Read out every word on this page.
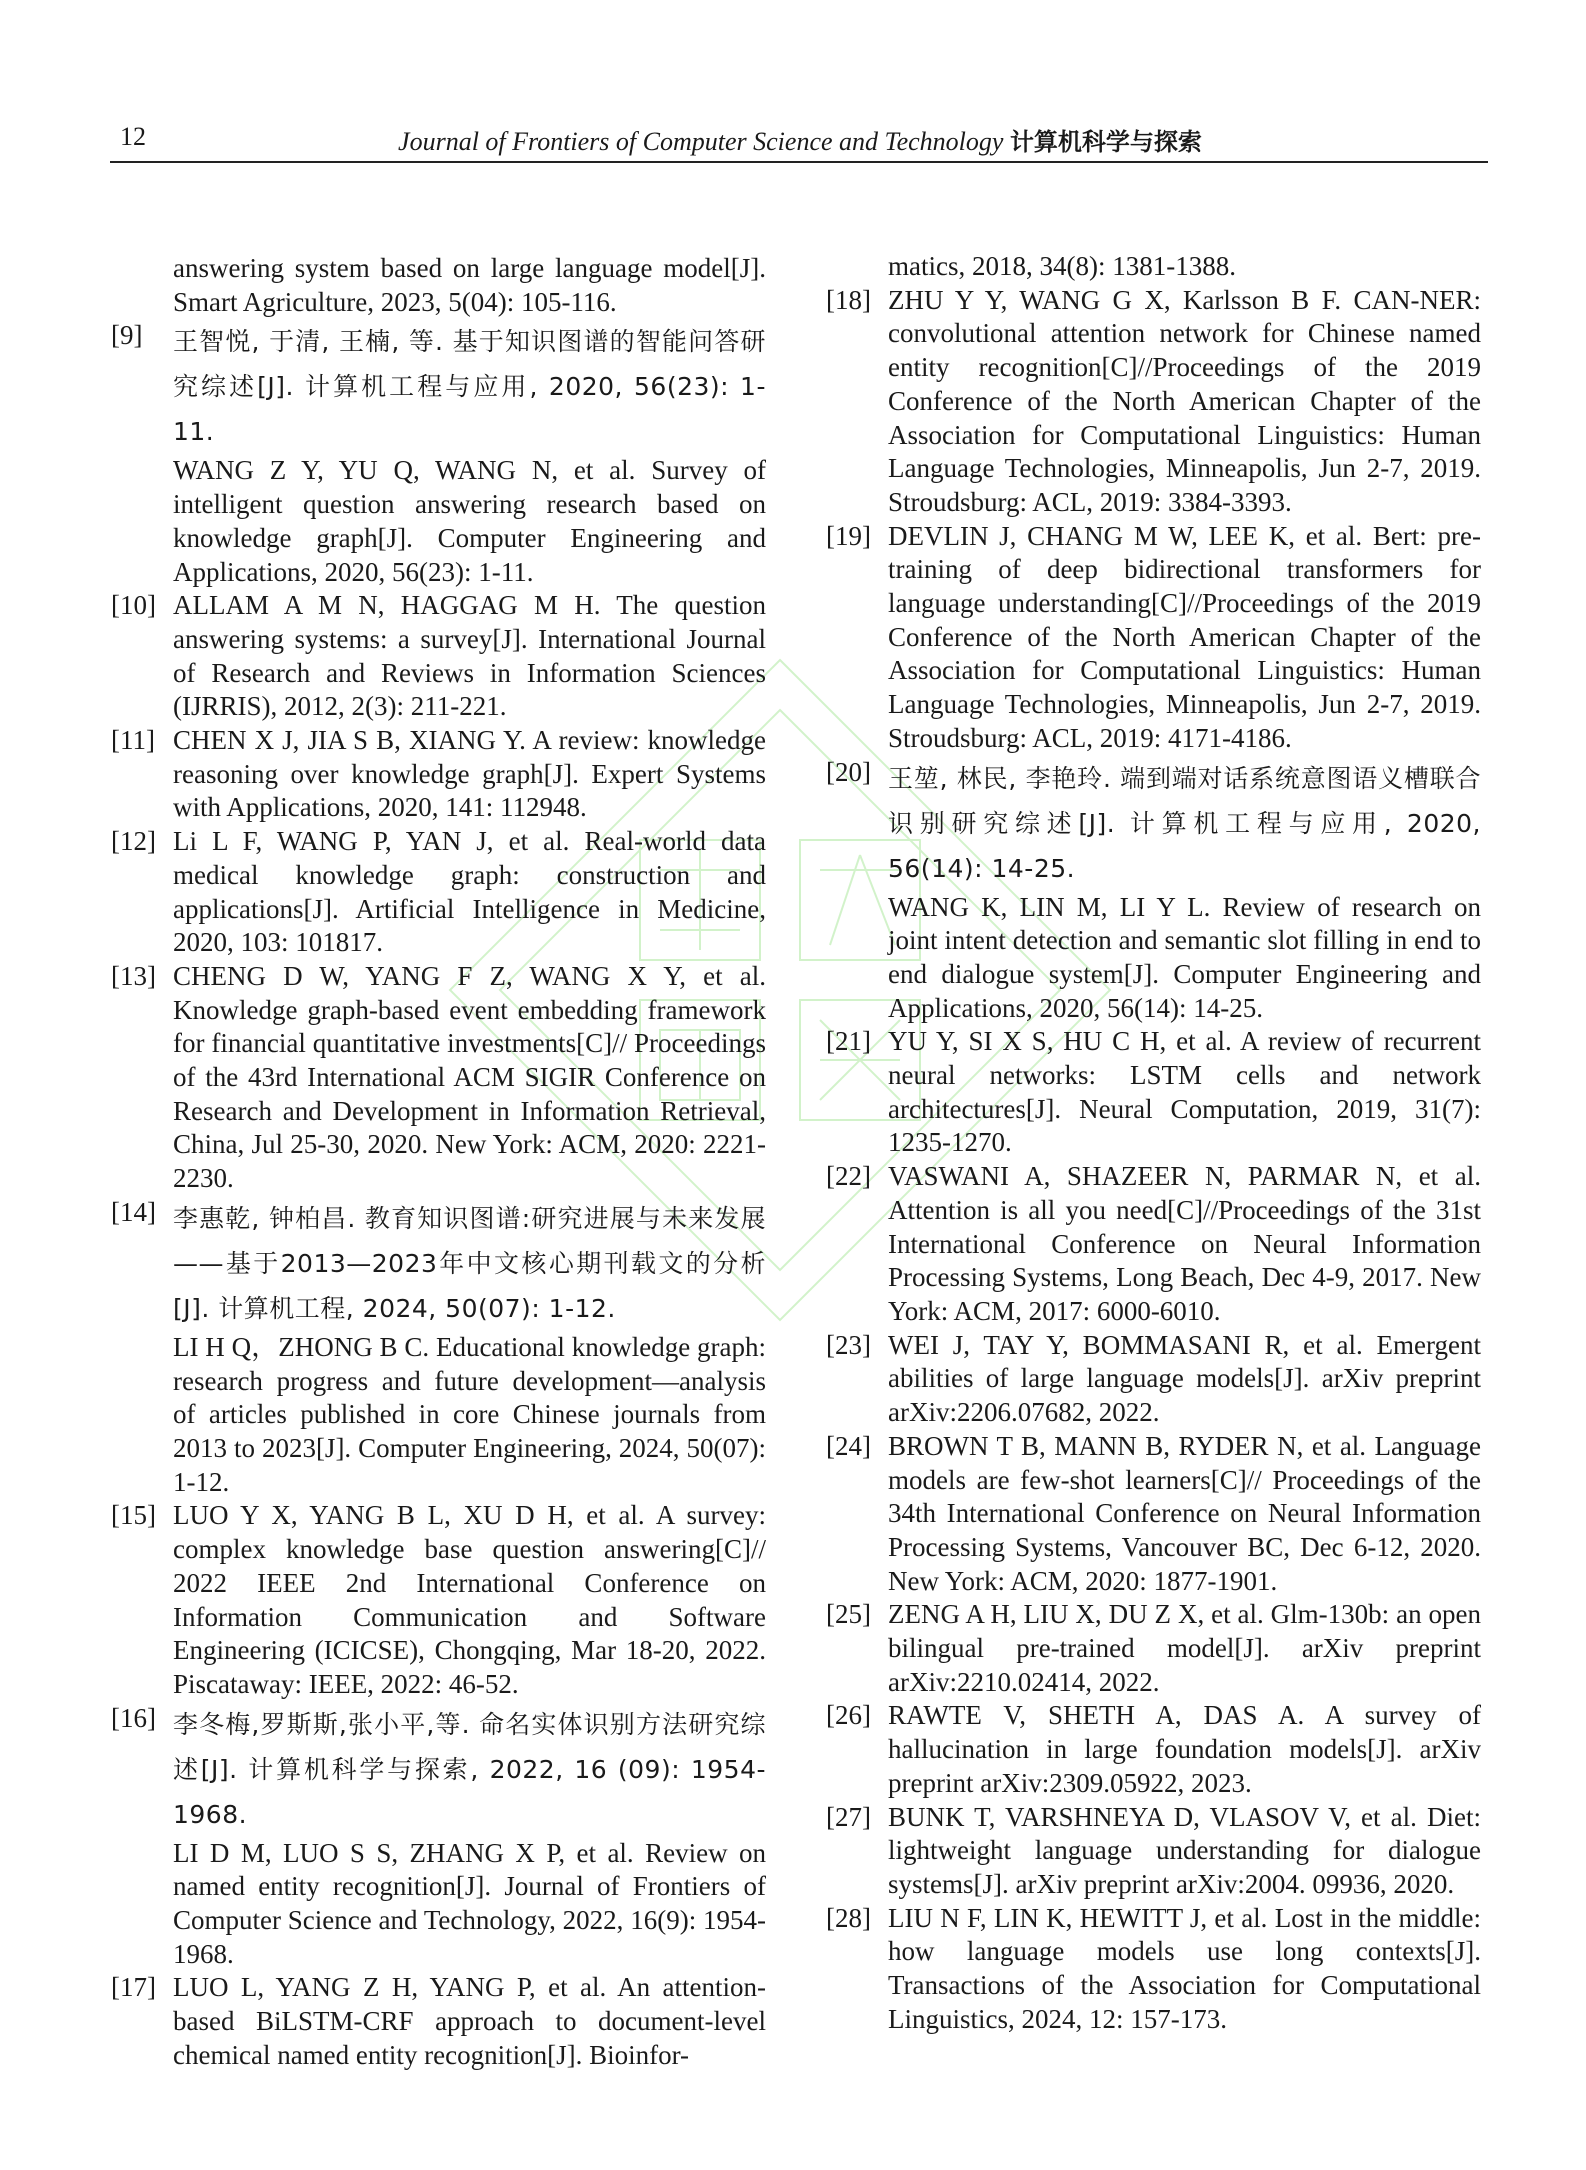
12	Journal of Frontiers of Computer Science and Technology 计算机科学与探索

answering system based on large language model[J]. Smart Agriculture, 2023, 5(04): 105-116.

[9] 王智悦, 于清, 王楠, 等. 基于知识图谱的智能问答研究综述[J]. 计算机工程与应用, 2020, 56(23): 1-11.

WANG Z Y, YU Q, WANG N, et al. Survey of intelligent question answering research based on knowledge graph[J]. Computer Engineering and Applications, 2020, 56(23): 1-11.

[10] ALLAM A M N, HAGGAG M H. The question answering systems: a survey[J]. International Journal of Research and Reviews in Information Sciences (IJRRIS), 2012, 2(3): 211-221.

[11] CHEN X J, JIA S B, XIANG Y. A review: knowledge reasoning over knowledge graph[J]. Expert Systems with Applications, 2020, 141: 112948.

[12] Li L F, WANG P, YAN J, et al. Real-world data medical knowledge graph: construction and applications[J]. Artificial Intelligence in Medicine, 2020, 103: 101817.

[13] CHENG D W, YANG F Z, WANG X Y, et al. Knowledge graph-based event embedding framework for financial quantitative investments[C]// Proceedings of the 43rd International ACM SIGIR Conference on Research and Development in Information Retrieval, China, Jul 25-30, 2020. New York: ACM, 2020: 2221-2230.

[14] 李惠乾, 钟柏昌. 教育知识图谱:研究进展与未来发展——基于2013—2023年中文核心期刊载文的分析[J]. 计算机工程, 2024, 50(07): 1-12.

LI H Q，ZHONG B C. Educational knowledge graph: research progress and future development—analysis of articles published in core Chinese journals from 2013 to 2023[J]. Computer Engineering, 2024, 50(07): 1-12.

[15] LUO Y X, YANG B L, XU D H, et al. A survey: complex knowledge base question answering[C]// 2022 IEEE 2nd International Conference on Information Communication and Software Engineering (ICICSE), Chongqing, Mar 18-20, 2022. Piscataway: IEEE, 2022: 46-52.

[16] 李冬梅,罗斯斯,张小平,等. 命名实体识别方法研究综述[J]. 计算机科学与探索, 2022, 16 (09): 1954-1968.

LI D M, LUO S S, ZHANG X P, et al. Review on named entity recognition[J]. Journal of Frontiers of Computer Science and Technology, 2022, 16(9): 1954-1968.

[17] LUO L, YANG Z H, YANG P, et al. An attention-based BiLSTM-CRF approach to document-level chemical named entity recognition[J]. Bioinfor-

matics, 2018, 34(8): 1381-1388.

[18] ZHU Y Y, WANG G X, Karlsson B F. CAN-NER: convolutional attention network for Chinese named entity recognition[C]//Proceedings of the 2019 Conference of the North American Chapter of the Association for Computational Linguistics: Human Language Technologies, Minneapolis, Jun 2-7, 2019. Stroudsburg: ACL, 2019: 3384-3393.

[19] DEVLIN J, CHANG M W, LEE K, et al. Bert: pre-training of deep bidirectional transformers for language understanding[C]//Proceedings of the 2019 Conference of the North American Chapter of the Association for Computational Linguistics: Human Language Technologies, Minneapolis, Jun 2-7, 2019. Stroudsburg: ACL, 2019: 4171-4186.

[20] 王堃, 林民, 李艳玲. 端到端对话系统意图语义槽联合识别研究综述[J]. 计算机工程与应用, 2020, 56(14): 14-25.

WANG K, LIN M, LI Y L. Review of research on joint intent detection and semantic slot filling in end to end dialogue system[J]. Computer Engineering and Applications, 2020, 56(14): 14-25.

[21] YU Y, SI X S, HU C H, et al. A review of recurrent neural networks: LSTM cells and network architectures[J]. Neural Computation, 2019, 31(7): 1235-1270.

[22] VASWANI A, SHAZEER N, PARMAR N, et al. Attention is all you need[C]//Proceedings of the 31st International Conference on Neural Information Processing Systems, Long Beach, Dec 4-9, 2017. New York: ACM, 2017: 6000-6010.

[23] WEI J, TAY Y, BOMMASANI R, et al. Emergent abilities of large language models[J]. arXiv preprint arXiv:2206.07682, 2022.

[24] BROWN T B, MANN B, RYDER N, et al. Language models are few-shot learners[C]// Proceedings of the 34th International Conference on Neural Information Processing Systems, Vancouver BC, Dec 6-12, 2020. New York: ACM, 2020: 1877-1901.

[25] ZENG A H, LIU X, DU Z X, et al. Glm-130b: an open bilingual pre-trained model[J]. arXiv preprint arXiv:2210.02414, 2022.

[26] RAWTE V, SHETH A, DAS A. A survey of hallucination in large foundation models[J]. arXiv preprint arXiv:2309.05922, 2023.

[27] BUNK T, VARSHNEYA D, VLASOV V, et al. Diet: lightweight language understanding for dialogue systems[J]. arXiv preprint arXiv:2004. 09936, 2020.

[28] LIU N F, LIN K, HEWITT J, et al. Lost in the middle: how language models use long contexts[J]. Transactions of the Association for Computational Linguistics, 2024, 12: 157-173.
